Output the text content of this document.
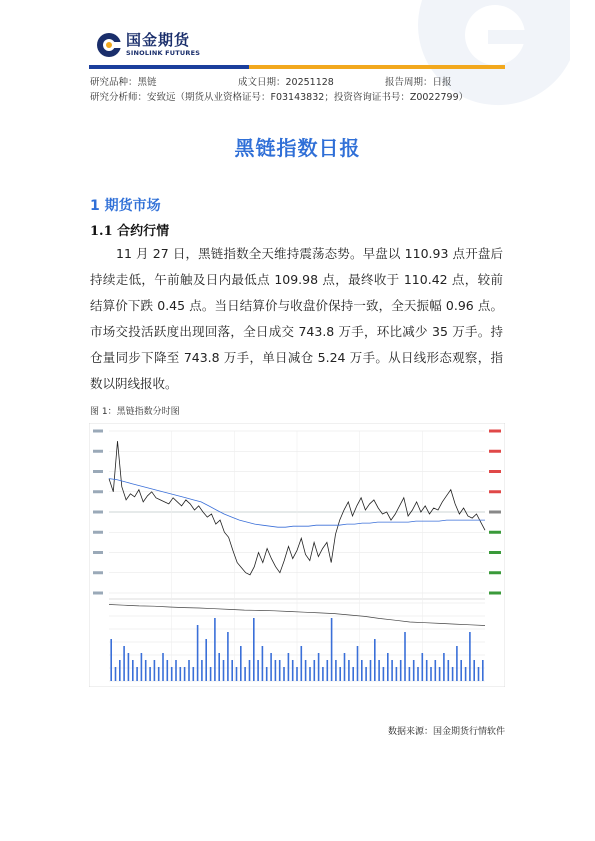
国金期货
SINOLINK FUTURES
研究品种：黑链	成文日期：20251128	报告周期：日报
研究分析师：安致远（期货从业资格证号：F03143832；投资咨询证书号：Z0022799）
黑链指数日报
1 期货市场
1.1 合约行情

11 月 27 日，黑链指数全天维持震荡态势。早盘以 110.93 点开盘后持续走低，午前触及日内最低点 109.98 点，最终收于 110.42 点，较前结算价下跌 0.45 点。当日结算价与收盘价保持一致，全天振幅 0.96 点。市场交投活跃度出现回落，全日成交 743.8 万手，环比减少 35 万手。持仓量同步下降至 743.8 万手，单日减仓 5.24 万手。从日线形态观察，指数以阴线报收。

图 1：黑链指数分时图
数据来源：国金期货行情软件
